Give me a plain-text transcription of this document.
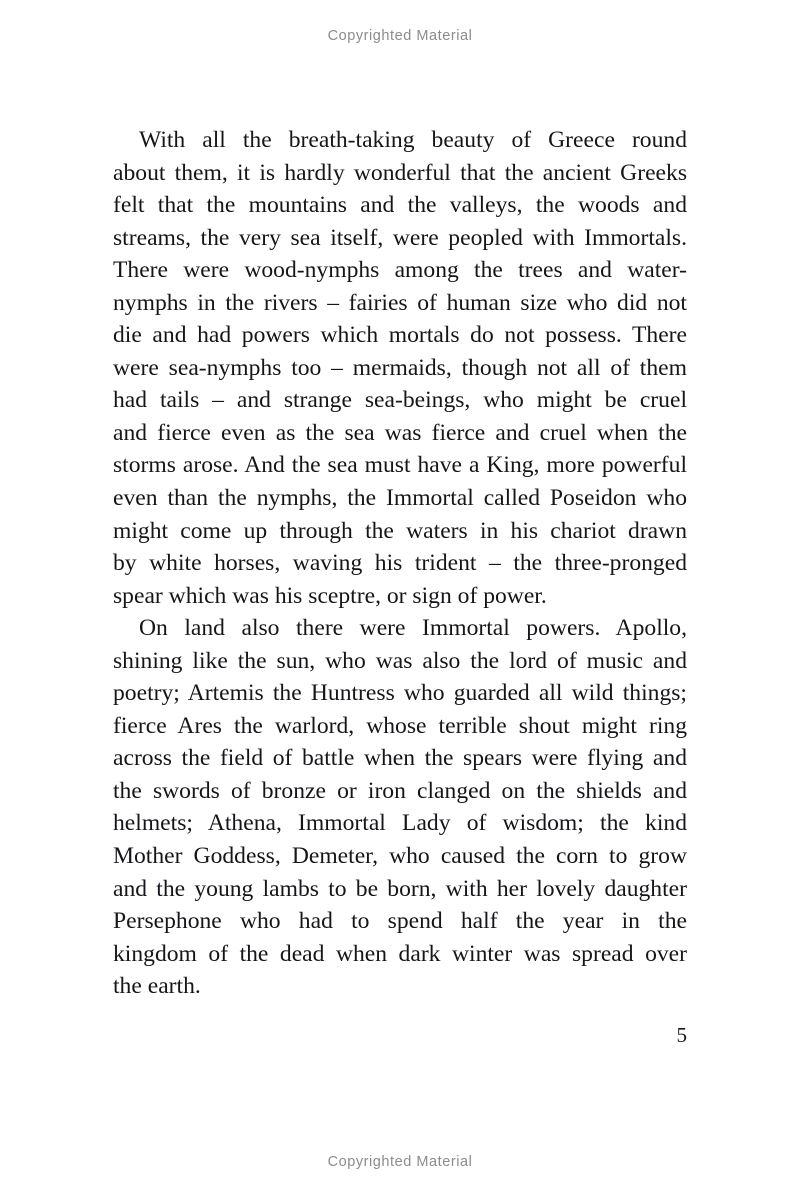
Copyrighted Material

With all the breath-taking beauty of Greece round
about them, it is hardly wonderful that the ancient Greeks
felt that the mountains and the valleys, the woods and
streams, the very sea itself, were peopled with Immortals.
There were wood-nymphs among the trees and water-
nymphs in the rivers – fairies of human size who did not
die and had powers which mortals do not possess. There
were sea-nymphs too – mermaids, though not all of them
had tails – and strange sea-beings, who might be cruel
and fierce even as the sea was fierce and cruel when the
storms arose. And the sea must have a King, more powerful
even than the nymphs, the Immortal called Poseidon who
might come up through the waters in his chariot drawn
by white horses, waving his trident – the three-pronged
spear which was his sceptre, or sign of power.

On land also there were Immortal powers. Apollo,
shining like the sun, who was also the lord of music and
poetry; Artemis the Huntress who guarded all wild things;
fierce Ares the warlord, whose terrible shout might ring
across the field of battle when the spears were flying and
the swords of bronze or iron clanged on the shields and
helmets; Athena, Immortal Lady of wisdom; the kind
Mother Goddess, Demeter, who caused the corn to grow
and the young lambs to be born, with her lovely daughter
Persephone who had to spend half the year in the
kingdom of the dead when dark winter was spread over
the earth.

5
Copyrighted Material
